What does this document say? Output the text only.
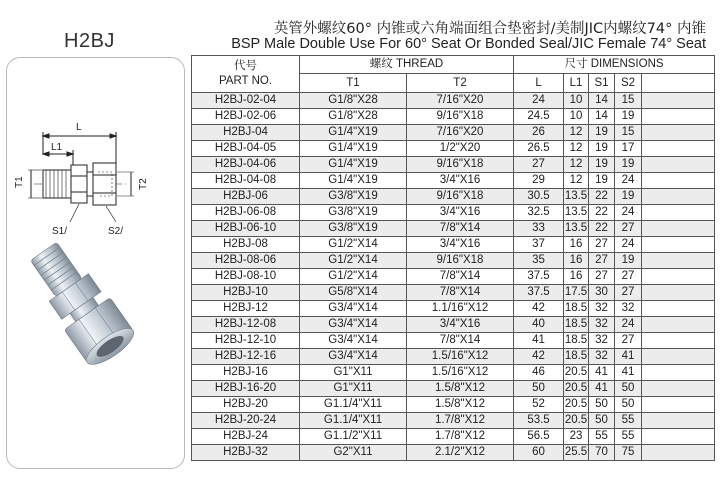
H2BJ
英管外螺纹60° 内锥或六角端面组合垫密封/美制JIC内螺纹74° 内锥
BSP Male Double Use For 60° Seat Or Bonded Seal/JIC Female 74° Seat
L
L1
T1	T2
S1/	S2/
代号
PART NO.	螺纹 THREAD		尺寸 DIMENSIONS				
	T1	T2	L	L1	S1	S2	
H2BJ-02-04	G1/8"X28	7/16"X20	24	10	14	15	
H2BJ-02-06	G1/8"X28	9/16"X18	24.5	10	14	19	
H2BJ-04	G1/4"X19	7/16"X20	26	12	19	15	
H2BJ-04-05	G1/4"X19	1/2"X20	26.5	12	19	17	
H2BJ-04-06	G1/4"X19	9/16"X18	27	12	19	19	
H2BJ-04-08	G1/4"X19	3/4"X16	29	12	19	24	
H2BJ-06	G3/8"X19	9/16"X18	30.5	13.5	22	19	
H2BJ-06-08	G3/8"X19	3/4"X16	32.5	13.5	22	24	
H2BJ-06-10	G3/8"X19	7/8"X14	33	13.5	22	27	
H2BJ-08	G1/2"X14	3/4"X16	37	16	27	24	
H2BJ-08-06	G1/2"X14	9/16"X18	35	16	27	19	
H2BJ-08-10	G1/2"X14	7/8"X14	37.5	16	27	27	
H2BJ-10	G5/8"X14	7/8"X14	37.5	17.5	30	27	
H2BJ-12	G3/4"X14	1.1/16"X12	42	18.5	32	32	
H2BJ-12-08	G3/4"X14	3/4"X16	40	18.5	32	24	
H2BJ-12-10	G3/4"X14	7/8"X14	41	18.5	32	27	
H2BJ-12-16	G3/4"X14	1.5/16"X12	42	18.5	32	41	
H2BJ-16	G1"X11	1.5/16"X12	46	20.5	41	41	
H2BJ-16-20	G1"X11	1.5/8"X12	50	20.5	41	50	
H2BJ-20	G1.1/4"X11	1.5/8"X12	52	20.5	50	50	
H2BJ-20-24	G1.1/4"X11	1.7/8"X12	53.5	20.5	50	55	
H2BJ-24	G1.1/2"X11	1.7/8"X12	56.5	23	55	55	
H2BJ-32	G2"X11	2.1/2"X12	60	25.5	70	75	
